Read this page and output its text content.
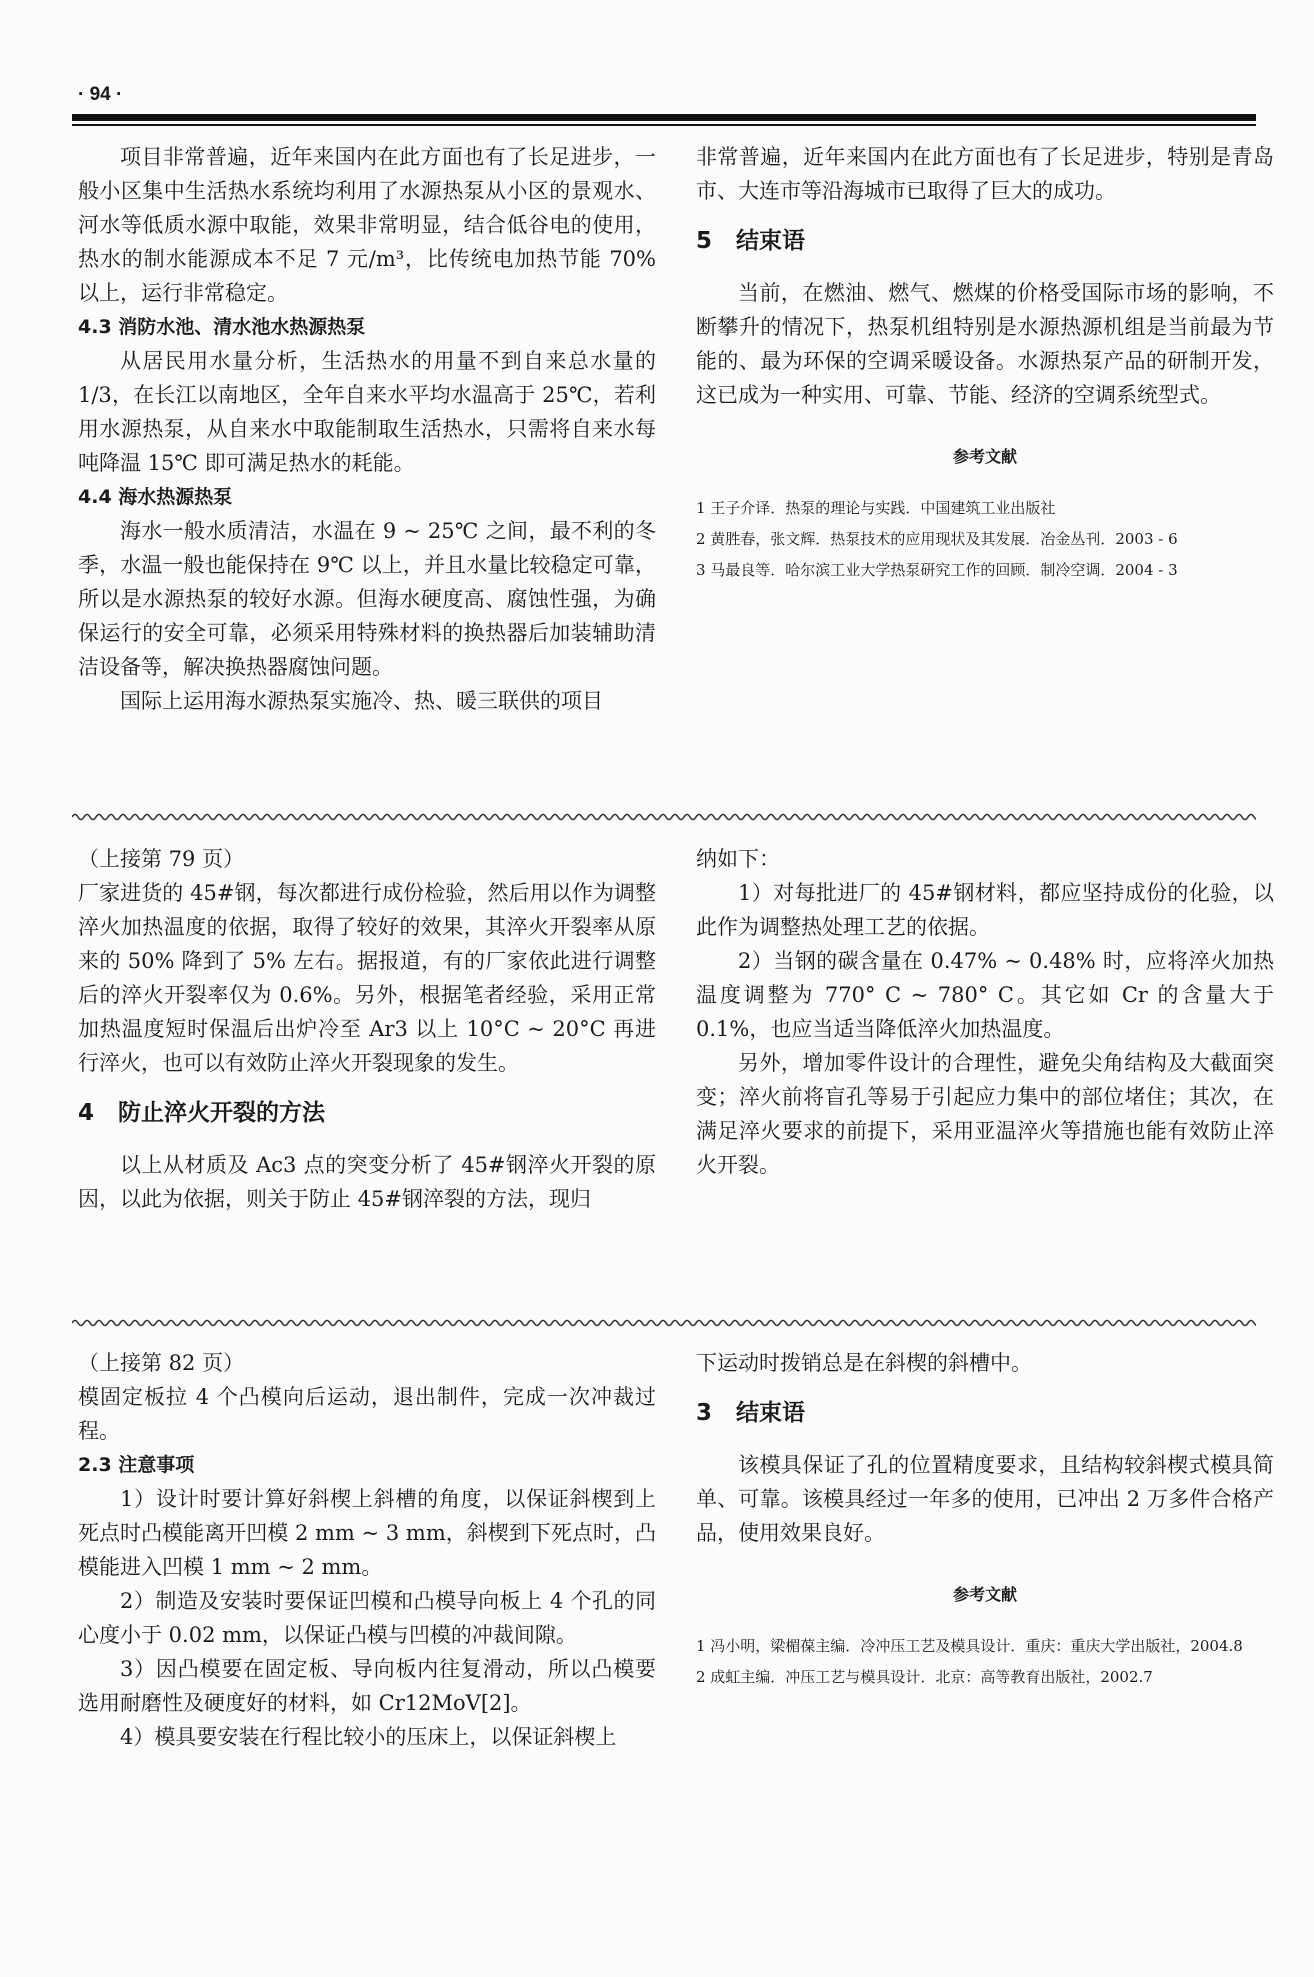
· 94 ·

项目非常普遍，近年来国内在此方面也有了长足进步，一般小区集中生活热水系统均利用了水源热泵从小区的景观水、河水等低质水源中取能，效果非常明显，结合低谷电的使用，热水的制水能源成本不足 7 元/m³，比传统电加热节能 70% 以上，运行非常稳定。

4.3 消防水池、清水池水热源热泵

从居民用水量分析，生活热水的用量不到自来总水量的 1/3，在长江以南地区，全年自来水平均水温高于 25℃，若利用水源热泵，从自来水中取能制取生活热水，只需将自来水每吨降温 15℃ 即可满足热水的耗能。

4.4 海水热源热泵

海水一般水质清洁，水温在 9 ~ 25℃ 之间，最不利的冬季，水温一般也能保持在 9℃ 以上，并且水量比较稳定可靠，所以是水源热泵的较好水源。但海水硬度高、腐蚀性强，为确保运行的安全可靠，必须采用特殊材料的换热器后加装辅助清洁设备等，解决换热器腐蚀问题。

国际上运用海水源热泵实施冷、热、暖三联供的项目

非常普遍，近年来国内在此方面也有了长足进步，特别是青岛市、大连市等沿海城市已取得了巨大的成功。

5 结束语

当前，在燃油、燃气、燃煤的价格受国际市场的影响，不断攀升的情况下，热泵机组特别是水源热源机组是当前最为节能的、最为环保的空调采暖设备。水源热泵产品的研制开发，这已成为一种实用、可靠、节能、经济的空调系统型式。

参考文献

1 王子介译．热泵的理论与实践．中国建筑工业出版社

2 黄胜春，张文辉．热泵技术的应用现状及其发展．冶金丛刊．2003 - 6

3 马最良等．哈尔滨工业大学热泵研究工作的回顾．制冷空调．2004 - 3

（上接第 79 页）

厂家进货的 45#钢，每次都进行成份检验，然后用以作为调整淬火加热温度的依据，取得了较好的效果，其淬火开裂率从原来的 50% 降到了 5% 左右。据报道，有的厂家依此进行调整后的淬火开裂率仅为 0.6%。另外，根据笔者经验，采用正常加热温度短时保温后出炉冷至 Ar3 以上 10°C ~ 20°C 再进行淬火，也可以有效防止淬火开裂现象的发生。

4 防止淬火开裂的方法

以上从材质及 Ac3 点的突变分析了 45#钢淬火开裂的原因，以此为依据，则关于防止 45#钢淬裂的方法，现归

纳如下：

1）对每批进厂的 45#钢材料，都应坚持成份的化验，以此作为调整热处理工艺的依据。

2）当钢的碳含量在 0.47% ~ 0.48% 时，应将淬火加热温度调整为 770° C ~ 780° C。其它如 Cr 的含量大于 0.1%，也应当适当降低淬火加热温度。

另外，增加零件设计的合理性，避免尖角结构及大截面突变；淬火前将盲孔等易于引起应力集中的部位堵住；其次，在满足淬火要求的前提下，采用亚温淬火等措施也能有效防止淬火开裂。

（上接第 82 页）

模固定板拉 4 个凸模向后运动，退出制件，完成一次冲裁过程。

2.3 注意事项

1）设计时要计算好斜楔上斜槽的角度，以保证斜楔到上死点时凸模能离开凹模 2 mm ~ 3 mm，斜楔到下死点时，凸模能进入凹模 1 mm ~ 2 mm。

2）制造及安装时要保证凹模和凸模导向板上 4 个孔的同心度小于 0.02 mm，以保证凸模与凹模的冲裁间隙。

3）因凸模要在固定板、导向板内往复滑动，所以凸模要选用耐磨性及硬度好的材料，如 Cr12MoV[2]。

4）模具要安装在行程比较小的压床上，以保证斜楔上

下运动时拨销总是在斜楔的斜槽中。

3 结束语

该模具保证了孔的位置精度要求，且结构较斜楔式模具简单、可靠。该模具经过一年多的使用，已冲出 2 万多件合格产品，使用效果良好。

参考文献

1 冯小明，梁楣葆主编．冷冲压工艺及模具设计．重庆：重庆大学出版社，2004.8

2 成虹主编．冲压工艺与模具设计．北京：高等教育出版社，2002.7
